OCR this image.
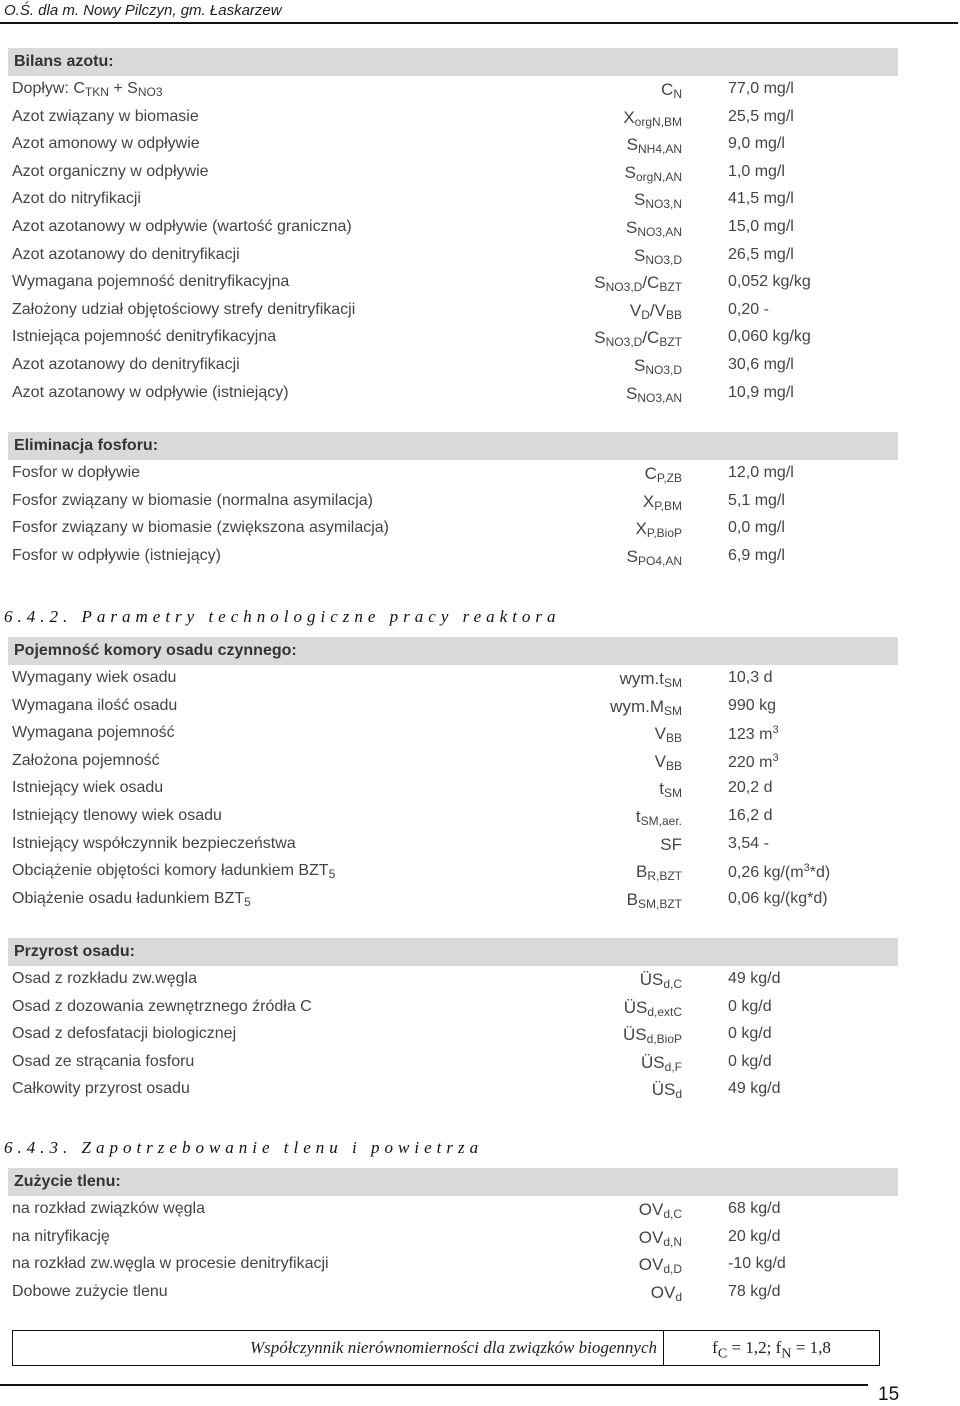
O.Ś. dla m. Nowy Pilczyn, gm. Łaskarzew
Bilans azotu:
Dopływ: $C_{TKN} + S_{NO3}$	$C_N$	77,0 mg/l
Azot związany w biomasie	$X_{orgN,BM}$	25,5 mg/l
Azot amonowy w odpływie	$S_{NH4,AN}$	9,0 mg/l
Azot organiczny w odpływie	$S_{orgN,AN}$	1,0 mg/l
Azot do nitryfikacji	$S_{NO3,N}$	41,5 mg/l
Azot azotanowy w odpływie (wartość graniczna)	$S_{NO3,AN}$	15,0 mg/l
Azot azotanowy do denitryfikacji	$S_{NO3,D}$	26,5 mg/l
Wymagana pojemność denitryfikacyjna	$S_{NO3,D}/C_{BZT}$	0,052 kg/kg
Założony udział objętościowy strefy denitryfikacji	$V_D/V_{BB}$	0,20 -
Istniejąca pojemność denitryfikacyjna	$S_{NO3,D}/C_{BZT}$	0,060 kg/kg
Azot azotanowy do denitryfikacji	$S_{NO3,D}$	30,6 mg/l
Azot azotanowy w odpływie (istniejący)	$S_{NO3,AN}$	10,9 mg/l
Eliminacja fosforu:
Fosfor w dopływie	$C_{P,ZB}$	12,0 mg/l
Fosfor związany w biomasie (normalna asymilacja)	$X_{P,BM}$	5,1 mg/l
Fosfor związany w biomasie (zwiększona asymilacja)	$X_{P,BioP}$	0,0 mg/l
Fosfor w odpływie (istniejący)	$S_{PO4,AN}$	6,9 mg/l
6.4.2. Parametry technologiczne pracy reaktora
Pojemność komory osadu czynnego:
Wymagany wiek osadu	$wym.t_{SM}$	10,3 d
Wymagana ilość osadu	$wym.M_{SM}$	990 kg
Wymagana pojemność	$V_{BB}$	123 $m^3$
Założona pojemność	$V_{BB}$	220 $m^3$
Istniejący wiek osadu	$t_{SM}$	20,2 d
Istniejący tlenowy wiek osadu	$t_{SM,aer.}$	16,2 d
Istniejący współczynnik bezpieczeństwa	SF	3,54 -
Obciążenie objętości komory ładunkiem $BZT_5$	$B_{R,BZT}$	0,26 $kg/(m^3*d)$
Obiążenie osadu ładunkiem $BZT_5$	$B_{SM,BZT}$	0,06 kg/(kg*d)
Przyrost osadu:
Osad z rozkładu zw.węgla	$ÜS_{d,C}$	49 kg/d
Osad z dozowania zewnętrznego źródła C	$ÜS_{d,extC}$	0 kg/d
Osad z defosfatacji biologicznej	$ÜS_{d,BioP}$	0 kg/d
Osad ze strącania fosforu	$ÜS_{d,F}$	0 kg/d
Całkowity przyrost osadu	$ÜS_d$	49 kg/d
6.4.3. Zapotrzebowanie tlenu i powietrza
Zużycie tlenu:
na rozkład związków węgla	$OV_{d,C}$	68 kg/d
na nitryfikację	$OV_{d,N}$	20 kg/d
na rozkład zw.węgla w procesie denitryfikacji	$OV_{d,D}$	-10 kg/d
Dobowe zużycie tlenu	$OV_d$	78 kg/d
Współczynnik nierównomierności dla związków biogennych	$f_C = 1,2$; $f_N = 1,8$
15
